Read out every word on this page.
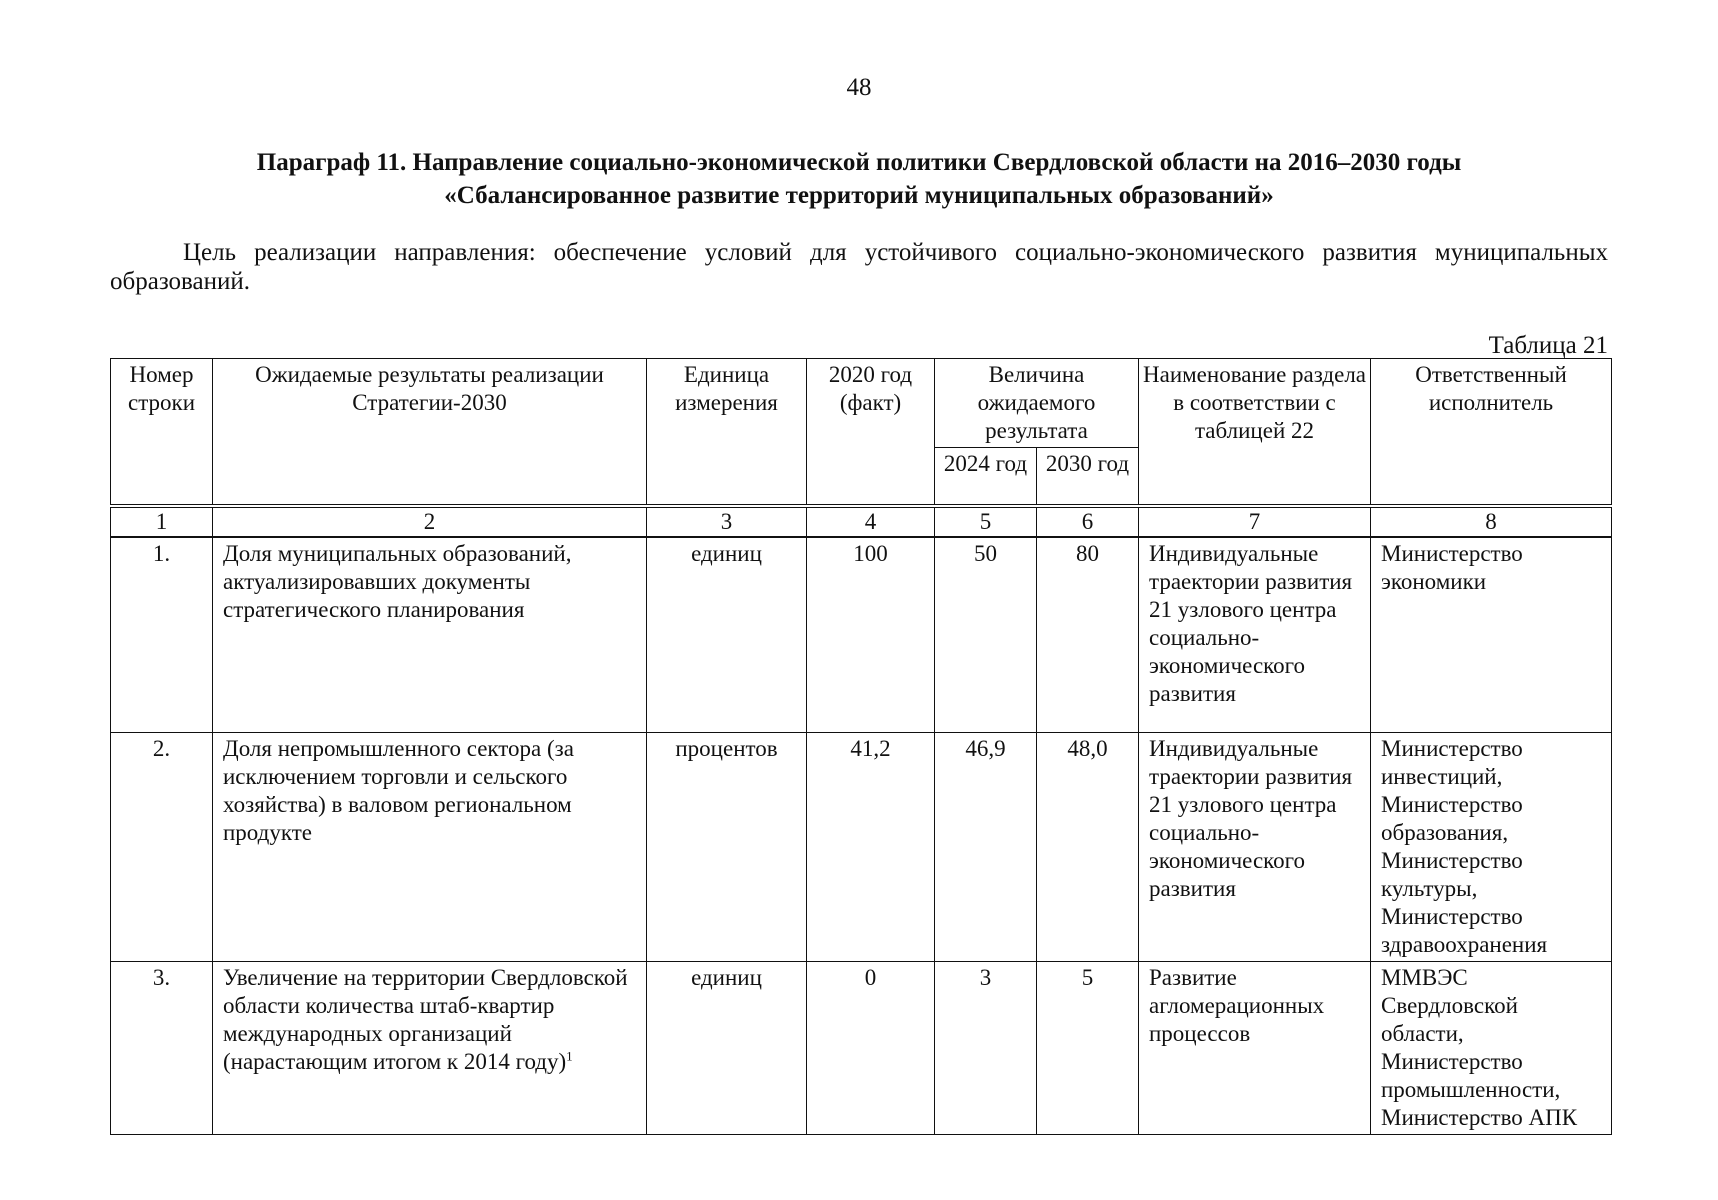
48
Параграф 11. Направление социально-экономической политики Свердловской области на 2016–2030 годы
«Сбалансированное развитие территорий муниципальных образований»
Цель реализации направления: обеспечение условий для устойчивого социально-экономического развития муниципальных образований.
Таблица 21
Номер строки	Ожидаемые результаты реализации Стратегии-2030	Единица измерения	2020 год (факт)	Величина ожидаемого результата		Наименование раздела в соответствии с таблицей 22	Ответственный исполнитель
				2024 год	2030 год		

1	2	3	4	5	6	7	8
1.	Доля муниципальных образований, актуализировавших документы стратегического планирования	единиц	100	50	80	Индивидуальные траектории развития 21 узлового центра социально-экономического развития	Министерство экономики
2.	Доля непромышленного сектора (за исключением торговли и сельского хозяйства) в валовом региональном продукте	процентов	41,2	46,9	48,0	Индивидуальные траектории развития 21 узлового центра социально-экономического развития	Министерство инвестиций, Министерство образования, Министерство культуры, Министерство здравоохранения
3.	Увеличение на территории Свердловской области количества штаб-квартир международных организаций (нарастающим итогом к 2014 году)$^1$	единиц	0	3	5	Развитие агломерационных процессов	ММВЭС Свердловской области, Министерство промышленности, Министерство АПК
